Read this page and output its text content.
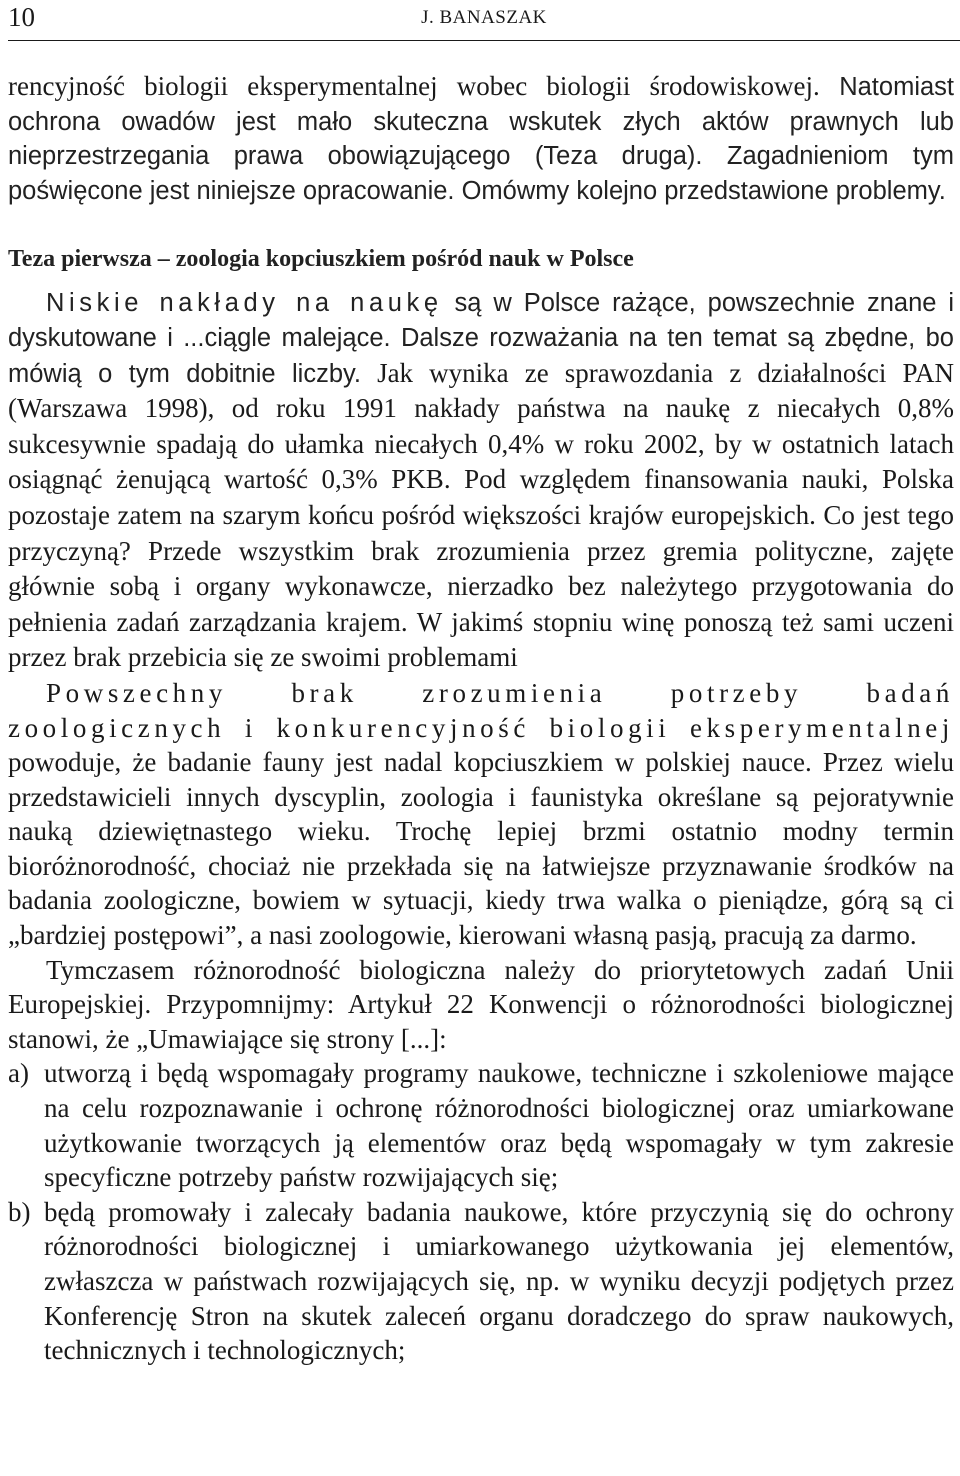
10	J. BANASZAK

rencyjność biologii eksperymentalnej wobec biologii środowiskowej. Natomiast ochrona owadów jest mało skuteczna wskutek złych aktów prawnych lub nieprzestrzegania prawa obowiązującego (Teza druga). Zagadnieniom tym poświęcone jest niniejsze opracowanie. Omówmy kolejno przedstawione problemy.

Teza pierwsza – zoologia kopciuszkiem pośród nauk w Polsce

Niskie nakłady na naukę są w Polsce rażące, powszechnie znane i dyskutowane i ...ciągle malejące. Dalsze rozważania na ten temat są zbędne, bo mówią o tym dobitnie liczby. Jak wynika ze sprawozdania z działalności PAN (Warszawa 1998), od roku 1991 nakłady państwa na naukę z niecałych 0,8% sukcesywnie spadają do ułamka niecałych 0,4% w roku 2002, by w ostatnich latach osiągnąć żenującą wartość 0,3% PKB. Pod względem finansowania nauki, Polska pozostaje zatem na szarym końcu pośród większości krajów europejskich. Co jest tego przyczyną? Przede wszystkim brak zrozumienia przez gremia polityczne, zajęte głównie sobą i organy wykonawcze, nierzadko bez należytego przygotowania do pełnienia zadań zarządzania krajem. W jakimś stopniu winę ponoszą też sami uczeni przez brak przebicia się ze swoimi problemami

Powszechny brak zrozumienia potrzeby badań zoologicznych i konkurencyjność biologii eksperymentalnej powoduje, że badanie fauny jest nadal kopciuszkiem w polskiej nauce. Przez wielu przedstawicieli innych dyscyplin, zoologia i faunistyka określane są pejoratywnie nauką dziewiętnastego wieku. Trochę lepiej brzmi ostatnio modny termin bioróżnorodność, chociaż nie przekłada się na łatwiejsze przyznawanie środków na badania zoologiczne, bowiem w sytuacji, kiedy trwa walka o pieniądze, górą są ci „bardziej postępowi”, a nasi zoologowie, kierowani własną pasją, pracują za darmo.

Tymczasem różnorodność biologiczna należy do priorytetowych zadań Unii Europejskiej. Przypomnijmy: Artykuł 22 Konwencji o różnorodności biologicznej stanowi, że „Umawiające się strony [...]:

a) utworzą i będą wspomagały programy naukowe, techniczne i szkoleniowe mające na celu rozpoznawanie i ochronę różnorodności biologicznej oraz umiarkowane użytkowanie tworzących ją elementów oraz będą wspomagały w tym zakresie specyficzne potrzeby państw rozwijających się;
b) będą promowały i zalecały badania naukowe, które przyczynią się do ochrony różnorodności biologicznej i umiarkowanego użytkowania jej elementów, zwłaszcza w państwach rozwijających się, np. w wyniku decyzji podjętych przez Konferencję Stron na skutek zaleceń organu doradczego do spraw naukowych, technicznych i technologicznych;
